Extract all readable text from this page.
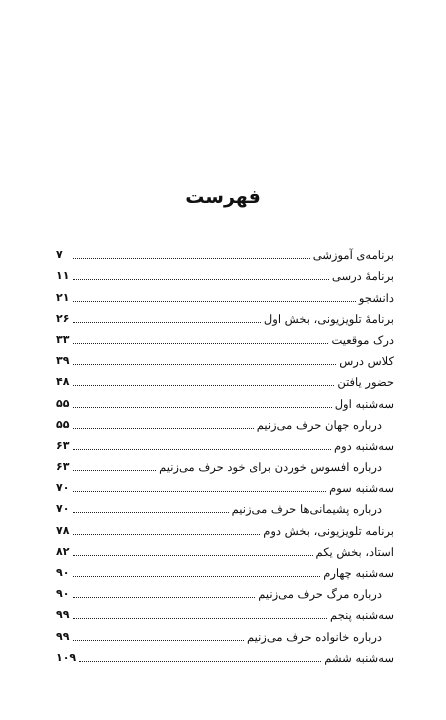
فهرست
برنامه‌ی آموزشی
۷
برنامهٔ درسی
۱۱
دانشجو
۲۱
برنامهٔ تلویزیونی، بخش اول
۲۶
درک موقعیت
۳۳
کلاس درس
۳۹
حضور یافتن
۴۸
سه‌شنبه اول
۵۵
درباره جهان حرف می‌زنیم
۵۵
سه‌شنبه دوم
۶۳
درباره افسوس خوردن برای خود حرف می‌زنیم
۶۳
سه‌شنبه سوم
۷۰
درباره پشیمانی‌ها حرف می‌زنیم
۷۰
برنامه تلویزیونی، بخش دوم
۷۸
استاد، بخش یکم
۸۲
سه‌شنبه چهارم
۹۰
درباره مرگ حرف می‌زنیم
۹۰
سه‌شنبه پنجم
۹۹
درباره خانواده حرف می‌زنیم
۹۹
سه‌شنبه ششم
۱۰۹
